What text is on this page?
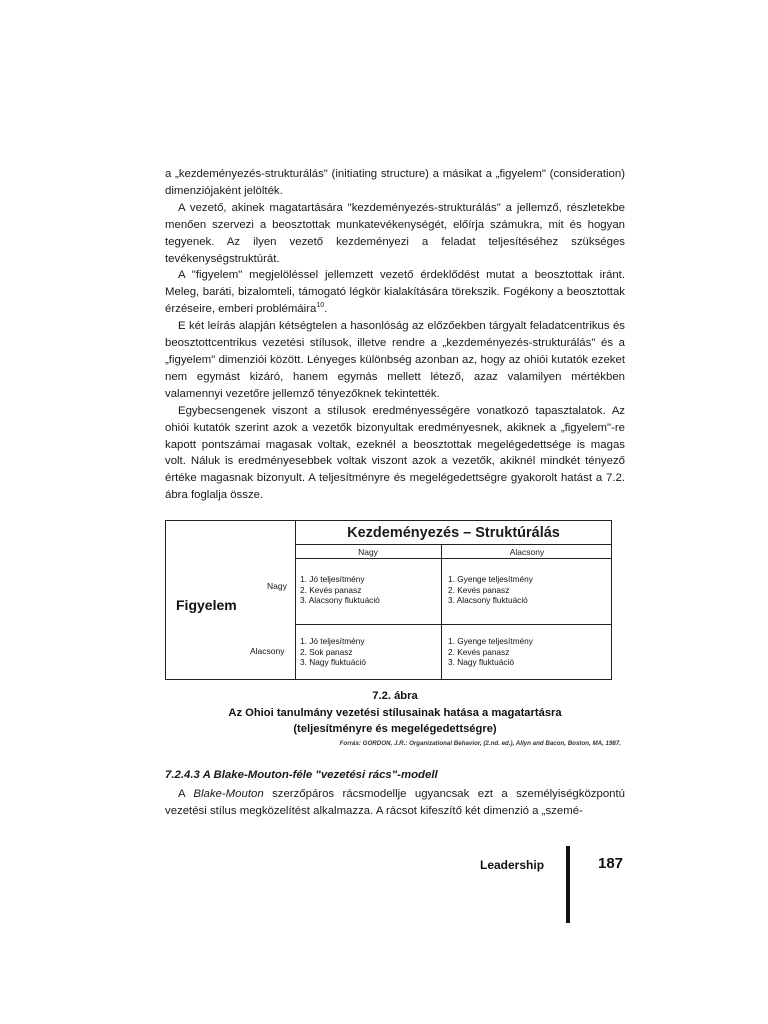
a „kezdeményezés-strukturálás" (initiating structure) a másikat a „figyelem" (consideration) dimenziójaként jelölték.

A vezető, akinek magatartására "kezdeményezés-strukturálás" a jellemző, részletekbe menően szervezi a beosztottak munkatevékenységét, előírja számukra, mit és hogyan tegyenek. Az ilyen vezető kezdeményezi a feladat teljesítéséhez szükséges tevékenységstruktúrát.

A "figyelem" megjelöléssel jellemzett vezető érdeklődést mutat a beosztottak iránt. Meleg, baráti, bizalomteli, támogató légkör kialakítására törekszik. Fogékony a beosztottak érzéseire, emberi problémáira$^{10}$.

E két leírás alapján kétségtelen a hasonlóság az előzőekben tárgyalt feladatcentrikus és beosztottcentrikus vezetési stílusok, illetve rendre a „kezdeményezés-strukturálás" és a „figyelem" dimenziói között. Lényeges különbség azonban az, hogy az ohiói kutatók ezeket nem egymást kizáró, hanem egymás mellett létező, azaz valamilyen mértékben valamennyi vezetőre jellemző tényezőknek tekintették.

Egybecsengenek viszont a stílusok eredményességére vonatkozó tapasztalatok. Az ohiói kutatók szerint azok a vezetők bizonyultak eredményesnek, akiknek a „figyelem"-re kapott pontszámai magasak voltak, ezeknél a beosztottak megelégedettsége is magas volt. Náluk is eredményesebbek voltak viszont azok a vezetők, akiknél mindkét tényező értéke magasnak bizonyult. A teljesítményre és megelégedettségre gyakorolt hatást a 7.2. ábra foglalja össze.

Figyelem
Nagy
Alacsony
Kezdeményezés – Struktúrálás
Nagy	Alacsony
1. Jó teljesítmény
2. Kevés panasz
3. Alacsony fluktuáció
1. Gyenge teljesítmény
2. Kevés panasz
3. Alacsony fluktuáció
1. Jó teljesítmény
2. Sok panasz
3. Nagy fluktuáció
1. Gyenge teljesítmény
2. Kevés panasz
3. Nagy fluktuáció
7.2. ábra
Az Ohioi tanulmány vezetési stílusainak hatása a magatartásra
(teljesítményre és megelégedettségre)
Forrás: GORDON, J.R.: Organizational Behavior, (2.nd. ed.), Allyn and Bacon, Boston, MA, 1987.
7.2.4.3 A Blake-Mouton-féle "vezetési rács"-modell

A Blake-Mouton szerzőpáros rácsmodellje ugyancsak ezt a személyiségközpontú vezetési stílus megközelítést alkalmazza. A rácsot kifeszítő két dimenzió a „szemé-

Leadership	187
